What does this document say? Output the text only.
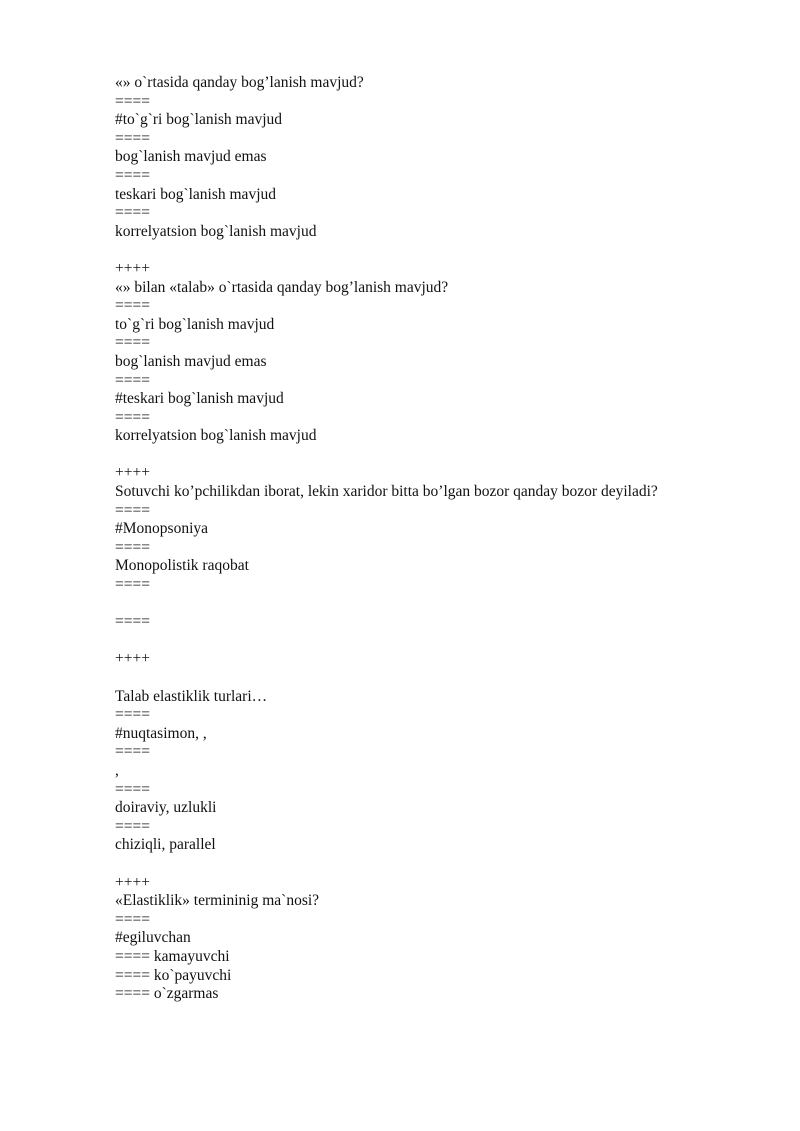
«» o`rtasida qanday bog’lanish mavjud?
====
#to`g`ri bog`lanish mavjud
====
bog`lanish mavjud emas
====
teskari bog`lanish mavjud
====
korrelyatsion bog`lanish mavjud
++++
«» bilan «talab» o`rtasida qanday bog’lanish mavjud?
====
to`g`ri bog`lanish mavjud
====
bog`lanish mavjud emas
====
#teskari bog`lanish mavjud
====
korrelyatsion bog`lanish mavjud
++++
Sotuvchi ko’pchilikdan iborat, lekin xaridor bitta bo’lgan bozor qanday bozor deyiladi?
====
#Monopsoniya
====
Monopolistik raqobat
====
====
++++
Talab elastiklik turlari…
====
#nuqtasimon, ,
====
,
====
doiraviy, uzlukli
====
chiziqli, parallel
++++
«Elastiklik» termininig ma`nosi?
====
#egiluvchan
==== kamayuvchi
==== ko`payuvchi
==== o`zgarmas
